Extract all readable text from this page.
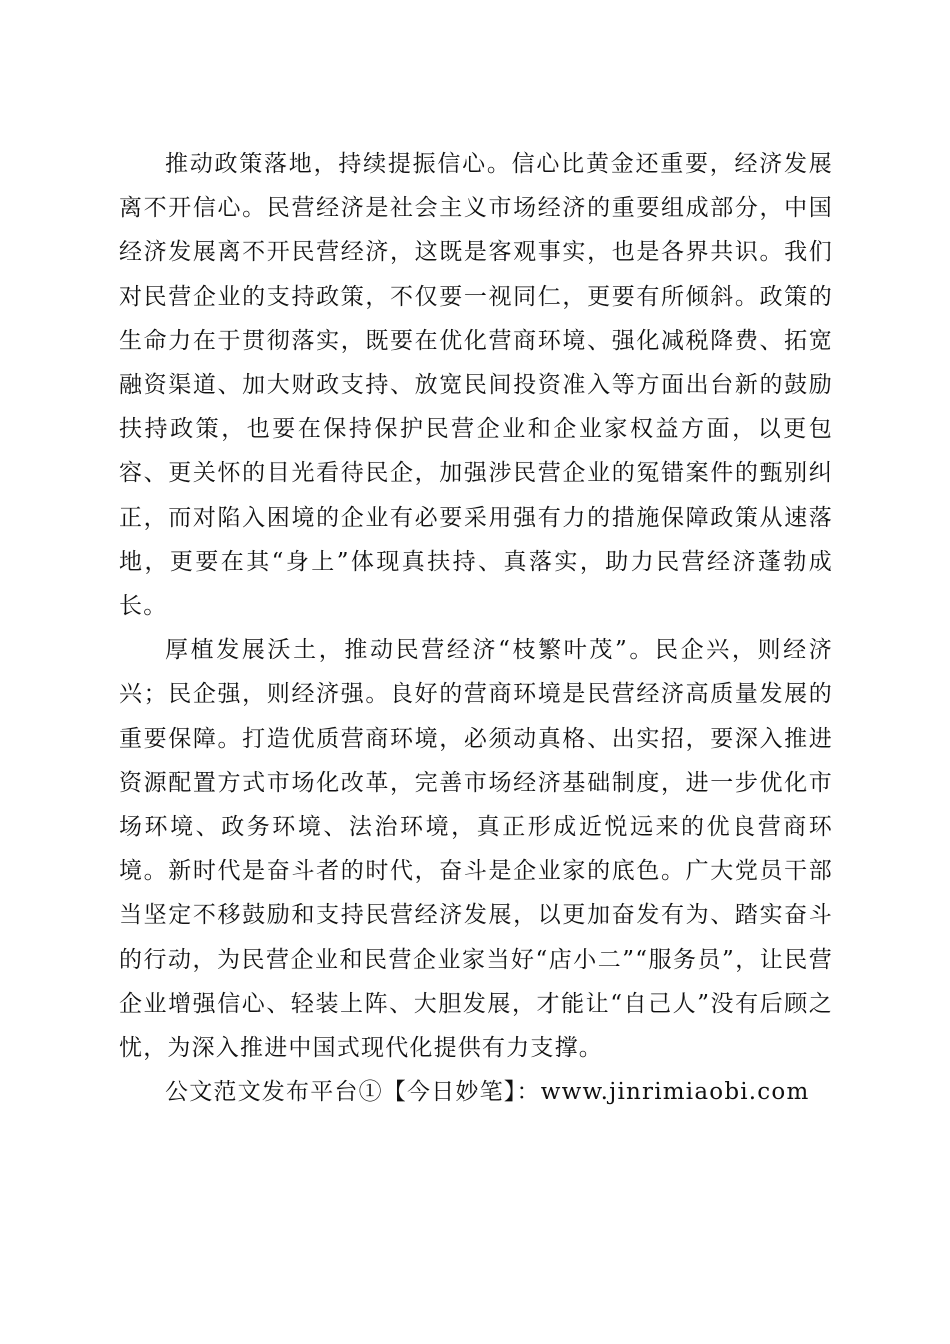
推动政策落地，持续提振信心。信心比黄金还重要，经济发展离不开信心。民营经济是社会主义市场经济的重要组成部分，中国经济发展离不开民营经济，这既是客观事实，也是各界共识。我们对民营企业的支持政策，不仅要一视同仁，更要有所倾斜。政策的生命力在于贯彻落实，既要在优化营商环境、强化减税降费、拓宽融资渠道、加大财政支持、放宽民间投资准入等方面出台新的鼓励扶持政策，也要在保持保护民营企业和企业家权益方面，以更包容、更关怀的目光看待民企，加强涉民营企业的冤错案件的甄别纠正，而对陷入困境的企业有必要采用强有力的措施保障政策从速落地，更要在其“身上”体现真扶持、真落实，助力民营经济蓬勃成长。

厚植发展沃土，推动民营经济“枝繁叶茂”。民企兴，则经济兴；民企强，则经济强。良好的营商环境是民营经济高质量发展的重要保障。打造优质营商环境，必须动真格、出实招，要深入推进资源配置方式市场化改革，完善市场经济基础制度，进一步优化市场环境、政务环境、法治环境，真正形成近悦远来的优良营商环境。新时代是奋斗者的时代，奋斗是企业家的底色。广大党员干部当坚定不移鼓励和支持民营经济发展，以更加奋发有为、踏实奋斗的行动，为民营企业和民营企业家当好“店小二”“服务员”，让民营企业增强信心、轻装上阵、大胆发展，才能让“自己人”没有后顾之忧，为深入推进中国式现代化提供有力支撑。

公文范文发布平台①【今日妙笔】：www.jinrimiaobi.com
